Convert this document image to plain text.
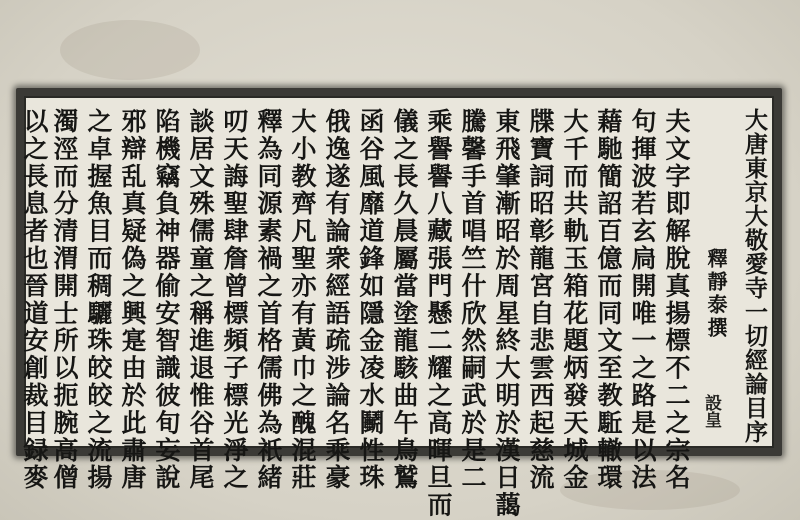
大唐東京大敬愛寺一切經論目序
釋靜泰撰
夫文字即解脫真揚標不二之宗名
句揮波若玄扃開唯一之路是以法
藉馳簡詔百億而同文至教駈轍環
大千而共軌玉箱花題炳發天城金
牒寶詞昭彰龍宮自悲雲西起慈流
東飛肇漸昭於周星終大明於漢日藹
騰馨手首唱竺什欣然嗣武於是二
乘譽譽八藏張門懸二耀之高暉旦而
儀之長久晨屬當塗龍駭曲午鳥鷲
函谷風靡道鋒如隱金凌水鬭性珠
俄逸遂有論衆經語疏涉論名乘豪
大小教齊凡聖亦有黃巾之醜混莊
釋為同源素禍之首格儒佛為祇緒
叨天誨聖肆詹曾標頻子標光淨之
談居文殊儒童之稱進退惟谷首尾
陷機竊負神器偷安智識彼旬妄說
邪辯乱真疑偽之興寔由於此肅唐
之卓握魚目而稠驪珠皎皎之流揚
濁涇而分清渭開士所以扼腕高僧
以之長息者也晉道安創裁目録麥	設皇
